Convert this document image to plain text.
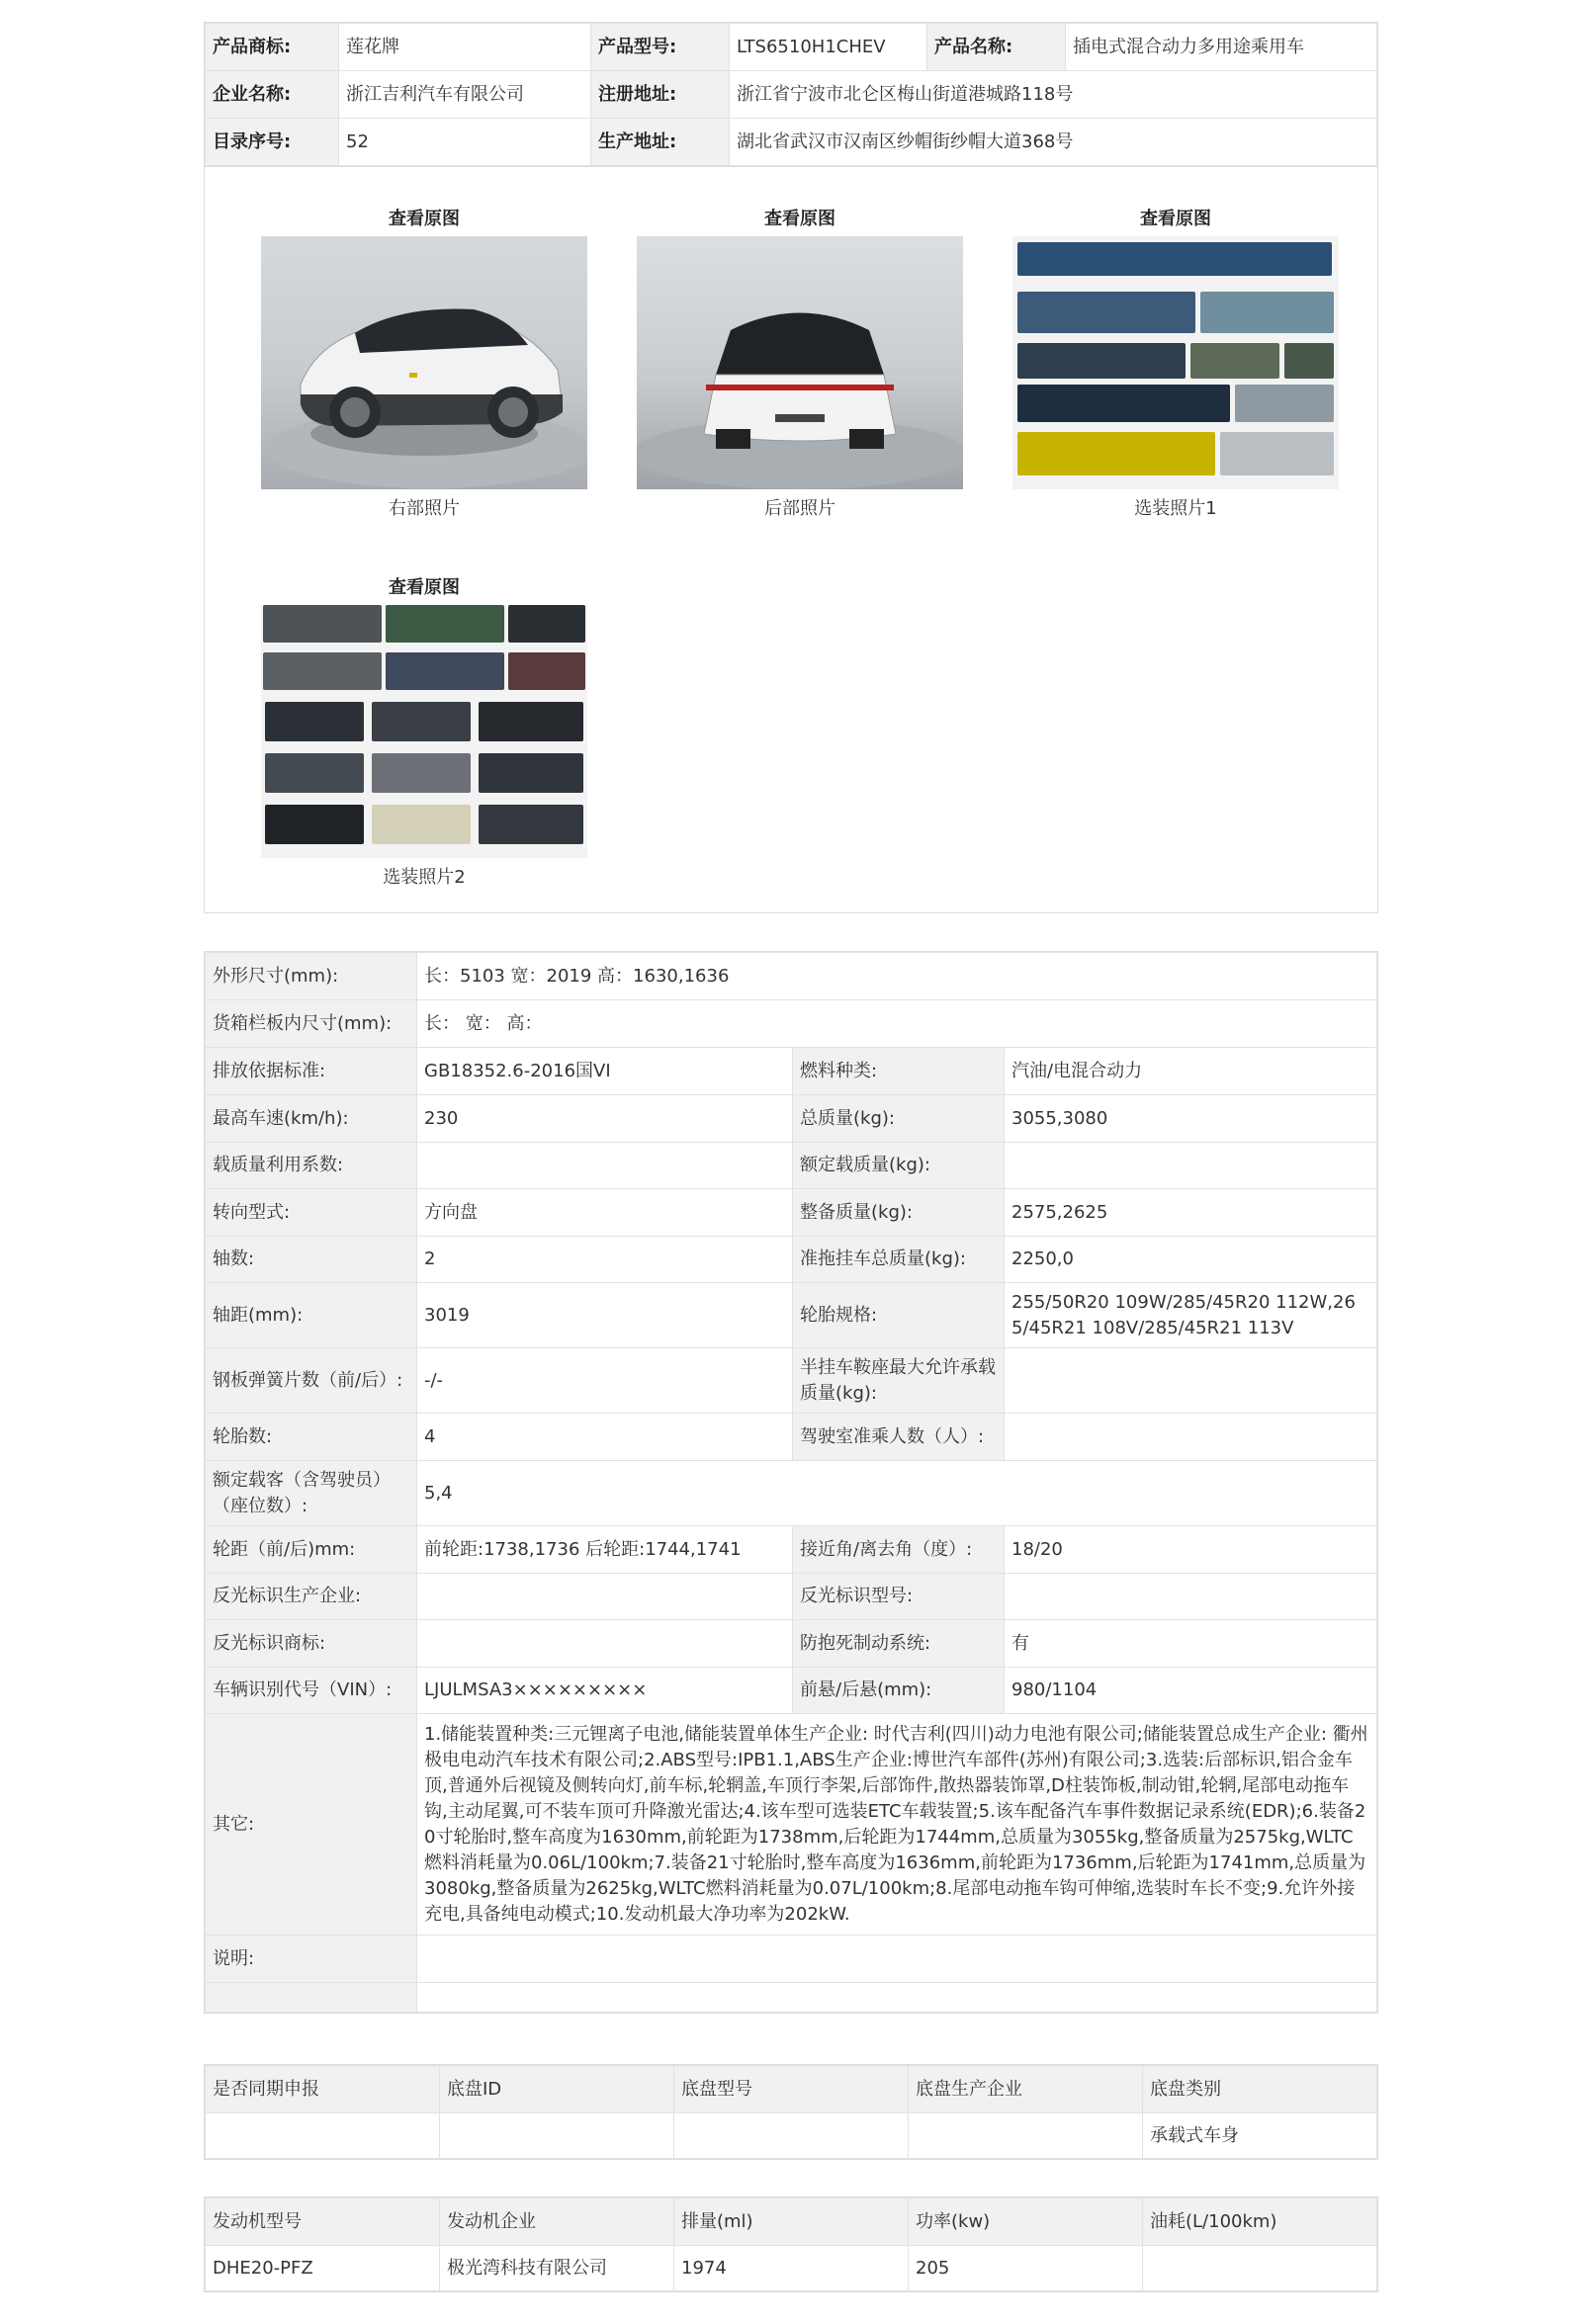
产品商标:	莲花牌	产品型号:	LTS6510H1CHEV	产品名称:	插电式混合动力多用途乘用车
企业名称:	浙江吉利汽车有限公司	注册地址:	浙江省宁波市北仑区梅山街道港城路118号		
目录序号:	52	生产地址:	湖北省武汉市汉南区纱帽街纱帽大道368号		
查看原图
右部照片
查看原图
后部照片
查看原图
选装照片1
查看原图
选装照片2
外形尺寸(mm):	长：5103 宽：2019 高：1630,1636		
货箱栏板内尺寸(mm):	长： 宽： 高：		
排放依据标准:	GB18352.6-2016国VI	燃料种类:	汽油/电混合动力
最高车速(km/h):	230	总质量(kg):	3055,3080
载质量利用系数:		额定载质量(kg):	
转向型式:	方向盘	整备质量(kg):	2575,2625
轴数:	2	准拖挂车总质量(kg):	2250,0
轴距(mm):	3019	轮胎规格:	255/50R20 109W/285/45R20 112W,265/45R21 108V/285/45R21 113V
钢板弹簧片数（前/后）:	-/-	半挂车鞍座最大允许承载质量(kg):	
轮胎数:	4	驾驶室准乘人数（人）:	
额定载客（含驾驶员）（座位数）:	5,4		
轮距（前/后)mm:	前轮距:1738,1736 后轮距:1744,1741	接近角/离去角（度）:	18/20
反光标识生产企业:		反光标识型号:	
反光标识商标:		防抱死制动系统:	有
车辆识别代号（VIN）:	LJULMSA3×××××××××	前悬/后悬(mm):	980/1104
其它:	1.储能装置种类:三元锂离子电池,储能装置单体生产企业: 时代吉利(四川)动力电池有限公司;储能装置总成生产企业: 衢州极电电动汽车技术有限公司;2.ABS型号:IPB1.1,ABS生产企业:博世汽车部件(苏州)有限公司;3.选装:后部标识,铝合金车顶,普通外后视镜及侧转向灯,前车标,轮辋盖,车顶行李架,后部饰件,散热器装饰罩,D柱装饰板,制动钳,轮辋,尾部电动拖车钩,主动尾翼,可不装车顶可升降激光雷达;4.该车型可选装ETC车载装置;5.该车配备汽车事件数据记录系统(EDR);6.装备20寸轮胎时,整车高度为1630mm,前轮距为1738mm,后轮距为1744mm,总质量为3055kg,整备质量为2575kg,WLTC燃料消耗量为0.06L/100km;7.装备21寸轮胎时,整车高度为1636mm,前轮距为1736mm,后轮距为1741mm,总质量为3080kg,整备质量为2625kg,WLTC燃料消耗量为0.07L/100km;8.尾部电动拖车钩可伸缩,选装时车长不变;9.允许外接充电,具备纯电动模式;10.发动机最大净功率为202kW.		
说明:			

是否同期申报	底盘ID	底盘型号	底盘生产企业	底盘类别
				承载式车身
发动机型号	发动机企业	排量(ml)	功率(kw)	油耗(L/100km)
DHE20-PFZ	极光湾科技有限公司	1974	205	
